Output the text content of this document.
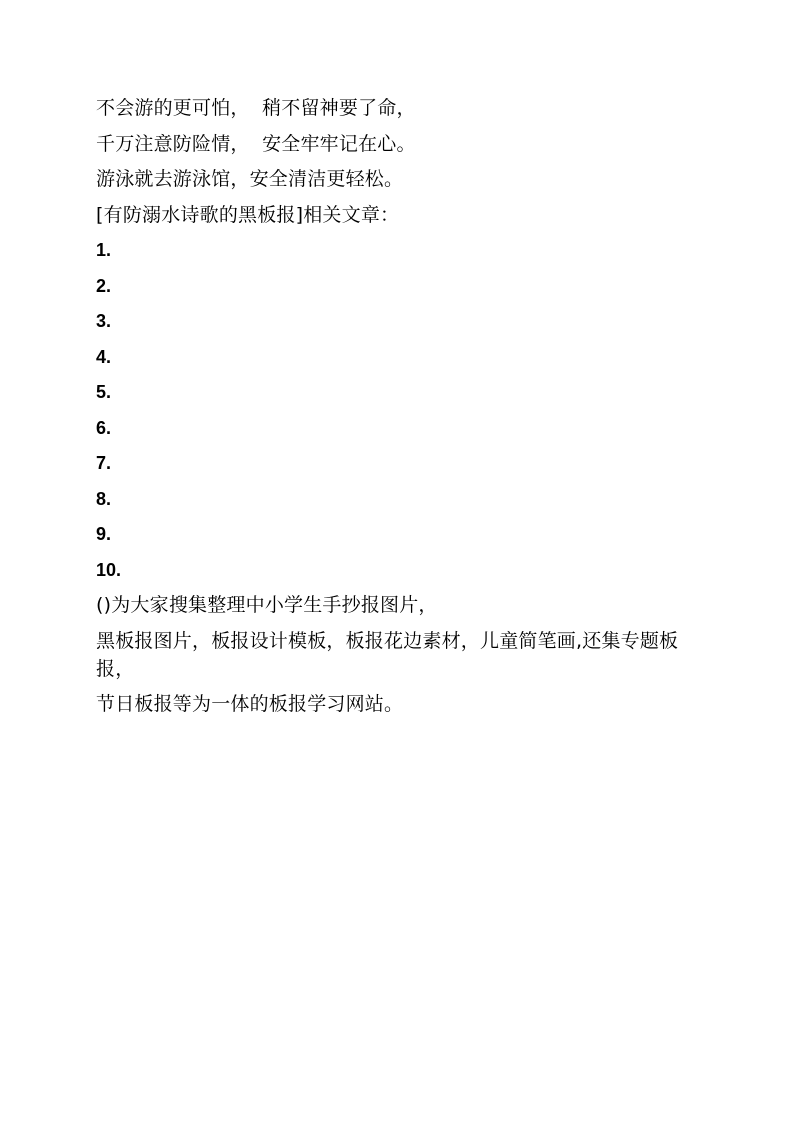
不会游的更可怕，  稍不留神要了命，

千万注意防险情，  安全牢牢记在心。

游泳就去游泳馆，安全清洁更轻松。

[有防溺水诗歌的黑板报]相关文章：

1.
2.
3.
4.
5.
6.
7.
8.
9.
10.

()为大家搜集整理中小学生手抄报图片，

黑板报图片，板报设计模板，板报花边素材，儿童简笔画,还集专题板报，

节日板报等为一体的板报学习网站。
